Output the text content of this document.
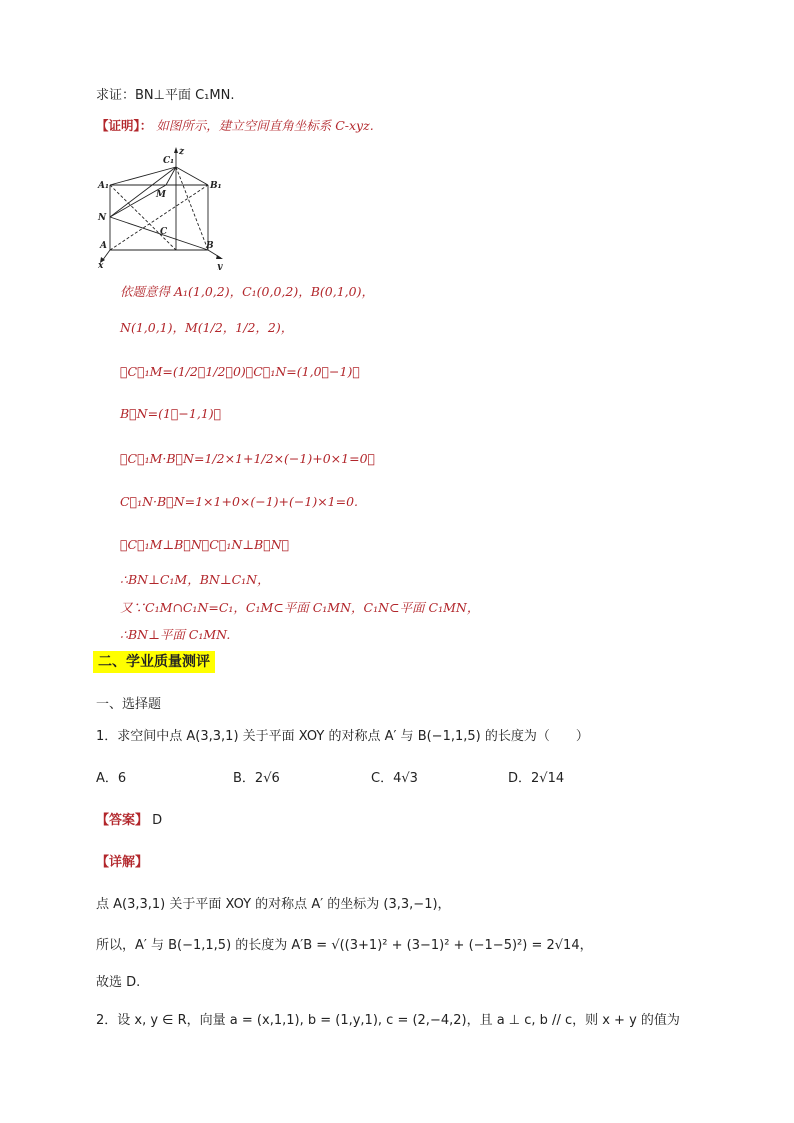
求证：BN⊥平面 C₁MN.
【证明】： 如图所示，建立空间直角坐标系 C-xyz.
C₁
z
A₁	B₁
M
N
C
A	B
x	y
依题意得 A₁(1,0,2)，C₁(0,0,2)，B(0,1,0)，
N(1,0,1)，M(1/2，1/2，2)，
∴C⃗₁M=(1/2，1/2，0)，C⃗₁N=(1,0，−1)，
B⃗N=(1，−1,1)，
∴C⃗₁M·B⃗N=1/2×1+1/2×(−1)+0×1=0，
C⃗₁N·B⃗N=1×1+0×(−1)+(−1)×1=0.
∴C⃗₁M⊥B⃗N，C⃗₁N⊥B⃗N，
∴BN⊥C₁M，BN⊥C₁N，
又∵C₁M∩C₁N=C₁，C₁M⊂平面 C₁MN，C₁N⊂平面 C₁MN，
∴BN⊥平面 C₁MN.
二、学业质量测评
一、选择题
1．求空间中点 A(3,3,1) 关于平面 XOY 的对称点 A′ 与 B(−1,1,5) 的长度为（　　）
A．6	B．2√6	C．4√3	D．2√14
【答案】 D
【详解】
点 A(3,3,1) 关于平面 XOY 的对称点 A′ 的坐标为 (3,3,−1)，
所以，A′ 与 B(−1,1,5) 的长度为 A′B = √((3+1)² + (3−1)² + (−1−5)²) = 2√14，
故选 D.
2．设 x, y ∈ R，向量 a = (x,1,1), b = (1,y,1), c = (2,−4,2)，且 a ⊥ c, b // c，则 x + y 的值为
